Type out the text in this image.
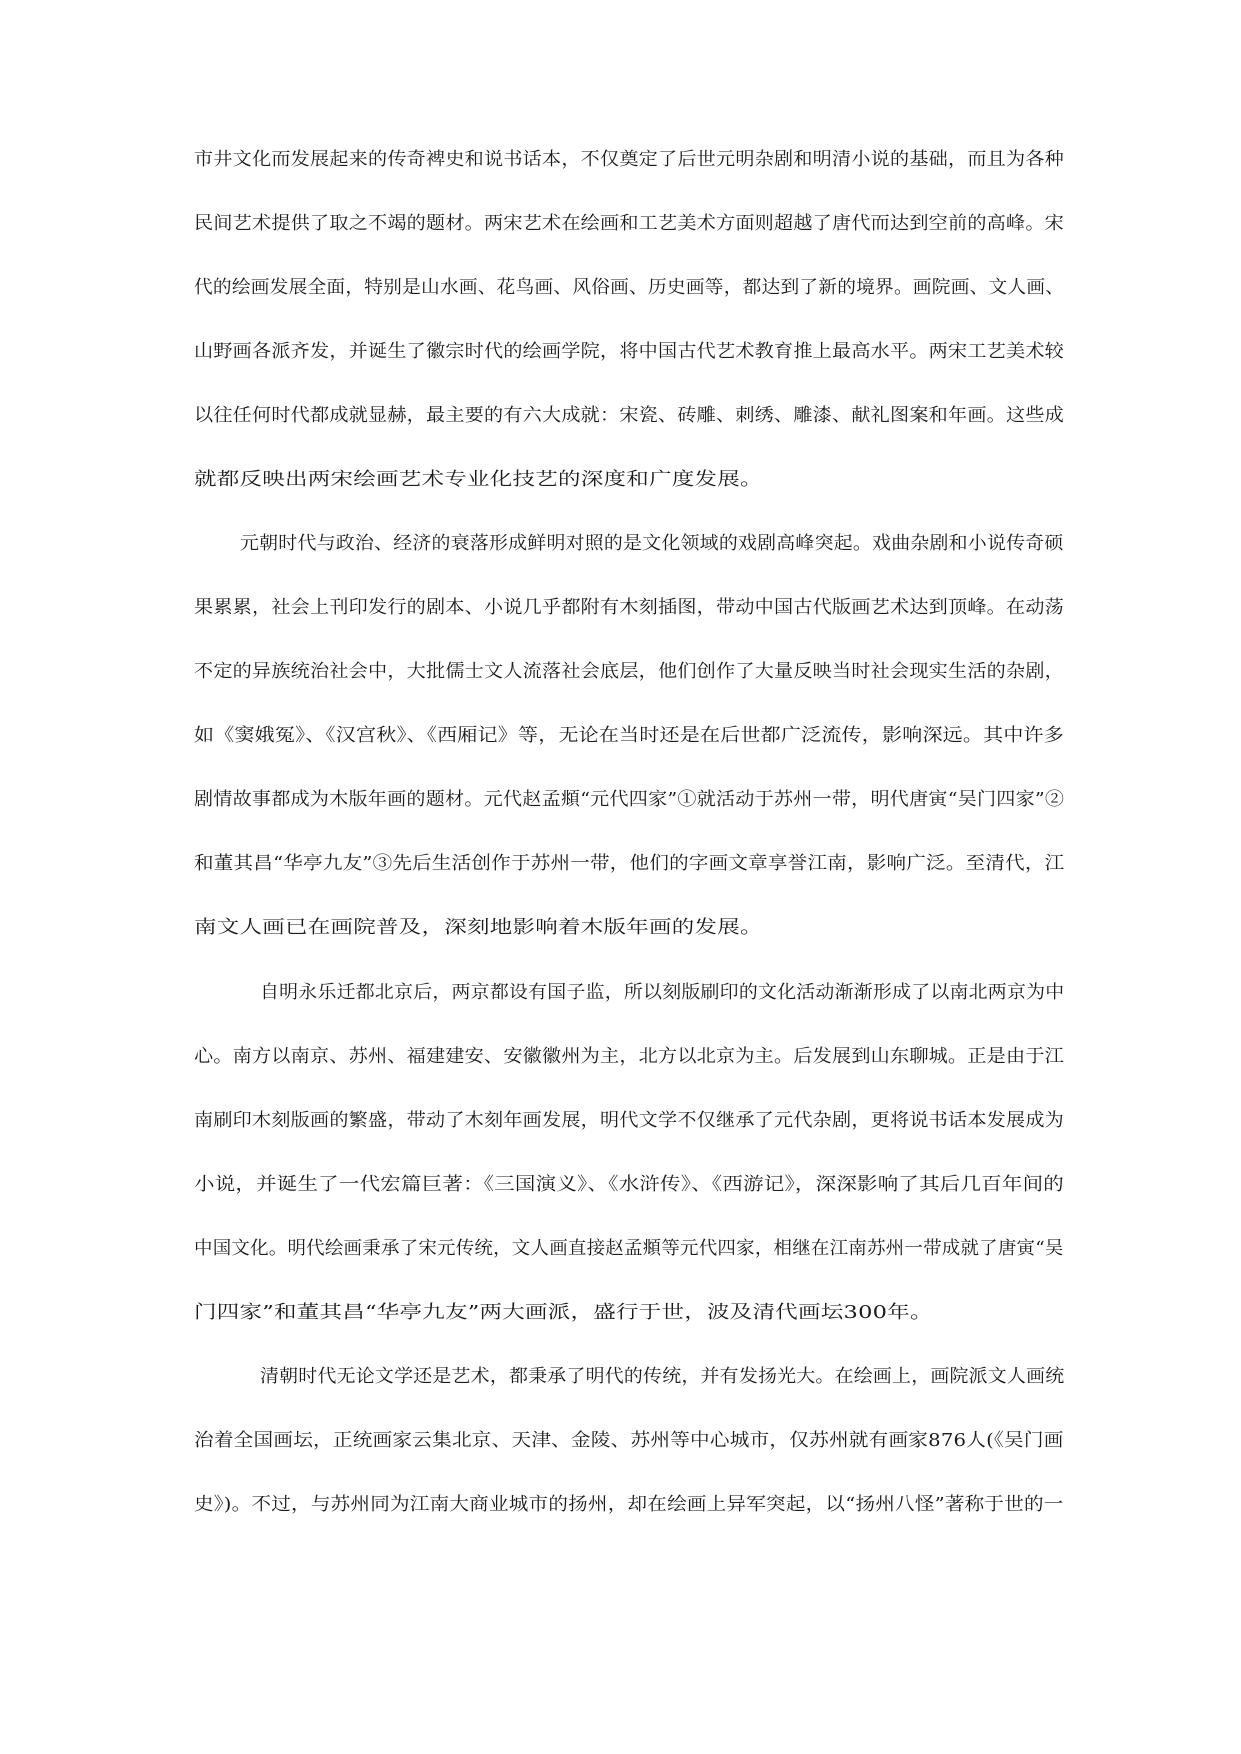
市井文化而发展起来的传奇裨史和说书话本，不仅奠定了后世元明杂剧和明清小说的基础，而且为各种
民间艺术提供了取之不竭的题材。两宋艺术在绘画和工艺美术方面则超越了唐代而达到空前的高峰。宋
代的绘画发展全面，特别是山水画、花鸟画、风俗画、历史画等，都达到了新的境界。画院画、文人画、
山野画各派齐发，并诞生了徽宗时代的绘画学院，将中国古代艺术教育推上最高水平。两宋工艺美术较
以往任何时代都成就显赫，最主要的有六大成就：宋瓷、砖雕、刺绣、雕漆、献礼图案和年画。这些成
就都反映出两宋绘画艺术专业化技艺的深度和广度发展。
元朝时代与政治、经济的衰落形成鲜明对照的是文化领域的戏剧高峰突起。戏曲杂剧和小说传奇硕
果累累，社会上刊印发行的剧本、小说几乎都附有木刻插图，带动中国古代版画艺术达到顶峰。在动荡
不定的异族统治社会中，大批儒士文人流落社会底层，他们创作了大量反映当时社会现实生活的杂剧，
如《窦娥冤》、《汉宫秋》、《西厢记》等，无论在当时还是在后世都广泛流传，影响深远。其中许多
剧情故事都成为木版年画的题材。元代赵孟頫“元代四家”①就活动于苏州一带，明代唐寅“吴门四家”②
和董其昌“华亭九友”③先后生活创作于苏州一带，他们的字画文章享誉江南，影响广泛。至清代，江
南文人画已在画院普及，深刻地影响着木版年画的发展。
自明永乐迁都北京后，两京都设有国子监，所以刻版刷印的文化活动渐渐形成了以南北两京为中
心。南方以南京、苏州、福建建安、安徽徽州为主，北方以北京为主。后发展到山东聊城。正是由于江
南刷印木刻版画的繁盛，带动了木刻年画发展，明代文学不仅继承了元代杂剧，更将说书话本发展成为
小说，并诞生了一代宏篇巨著：《三国演义》、《水浒传》、《西游记》，深深影响了其后几百年间的
中国文化。明代绘画秉承了宋元传统，文人画直接赵孟頫等元代四家，相继在江南苏州一带成就了唐寅“吴
门四家”和董其昌“华亭九友”两大画派，盛行于世，波及清代画坛300年。
清朝时代无论文学还是艺术，都秉承了明代的传统，并有发扬光大。在绘画上，画院派文人画统
治着全国画坛，正统画家云集北京、天津、金陵、苏州等中心城市，仅苏州就有画家876人(《吴门画
史》)。不过，与苏州同为江南大商业城市的扬州，却在绘画上异军突起，以“扬州八怪”著称于世的一
